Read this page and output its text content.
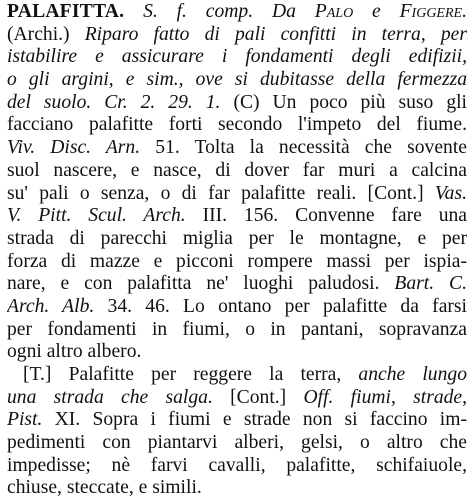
PALAFITTA. S. f. comp. Da Palo e Figgere.
(Archi.) Riparo fatto di pali confitti in terra, per
istabilire e assicurare i fondamenti degli edifizii,
o gli argini, e sim., ove si dubitasse della fermezza
del suolo. Cr. 2. 29. 1. (C) Un poco più suso gli
facciano palafitte forti secondo l'impeto del fiume.
Viv. Disc. Arn. 51. Tolta la necessità che sovente
suol nascere, e nasce, di dover far muri a calcina
su' pali o senza, o di far palafitte reali. [Cont.] Vas.
V. Pitt. Scul. Arch. III. 156. Convenne fare una
strada di parecchi miglia per le montagne, e per
forza di mazze e picconi rompere massi per ispia-
nare, e con palafitta ne' luoghi paludosi. Bart. C.
Arch. Alb. 34. 46. Lo ontano per palafitte da farsi
per fondamenti in fiumi, o in pantani, sopravanza
ogni altro albero.
[T.] Palafitte per reggere la terra, anche lungo
una strada che salga. [Cont.] Off. fiumi, strade,
Pist. XI. Sopra i fiumi e strade non si faccino im-
pedimenti con piantarvi alberi, gelsi, o altro che
impedisse; nè farvi cavalli, palafitte, schifaiuole,
chiuse, steccate, e simili.
